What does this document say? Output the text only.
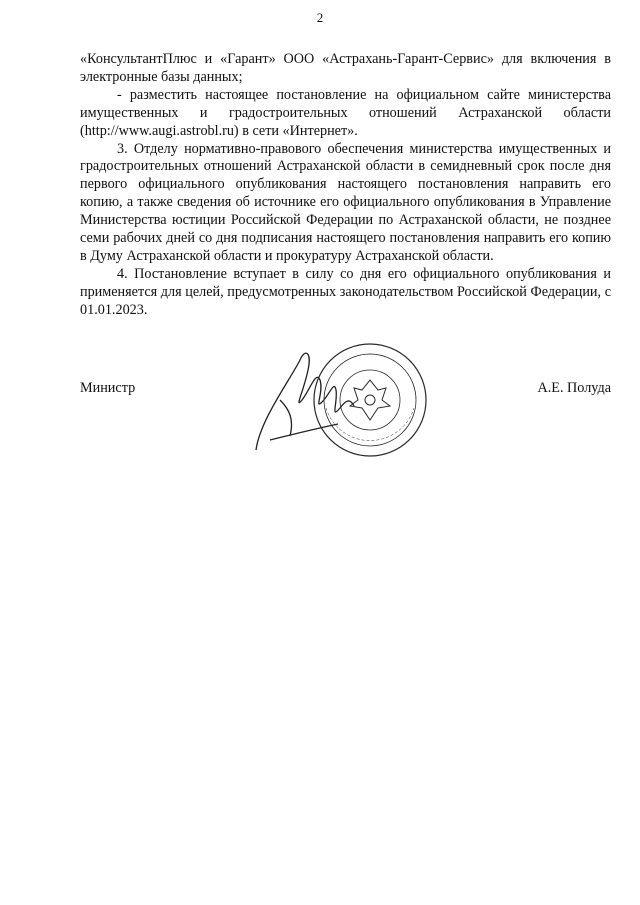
2

«КонсультантПлюс и «Гарант» ООО «Астрахань-Гарант-Сервис» для включения в электронные базы данных;

- разместить настоящее постановление на официальном сайте министерства имущественных и градостроительных отношений Астраханской области (http://www.augi.astrobl.ru) в сети «Интернет».

3. Отделу нормативно-правового обеспечения министерства имущественных и градостроительных отношений Астраханской области в семидневный срок после дня первого официального опубликования настоящего постановления направить его копию, а также сведения об источнике его официального опубликования в Управление Министерства юстиции Российской Федерации по Астраханской области, не позднее семи рабочих дней со дня подписания настоящего постановления направить его копию в Думу Астраханской области и прокуратуру Астраханской области.

4. Постановление вступает в силу со дня его официального опубликования и применяется для целей, предусмотренных законодательством Российской Федерации, с 01.01.2023.

Министр	А.Е. Полуда
